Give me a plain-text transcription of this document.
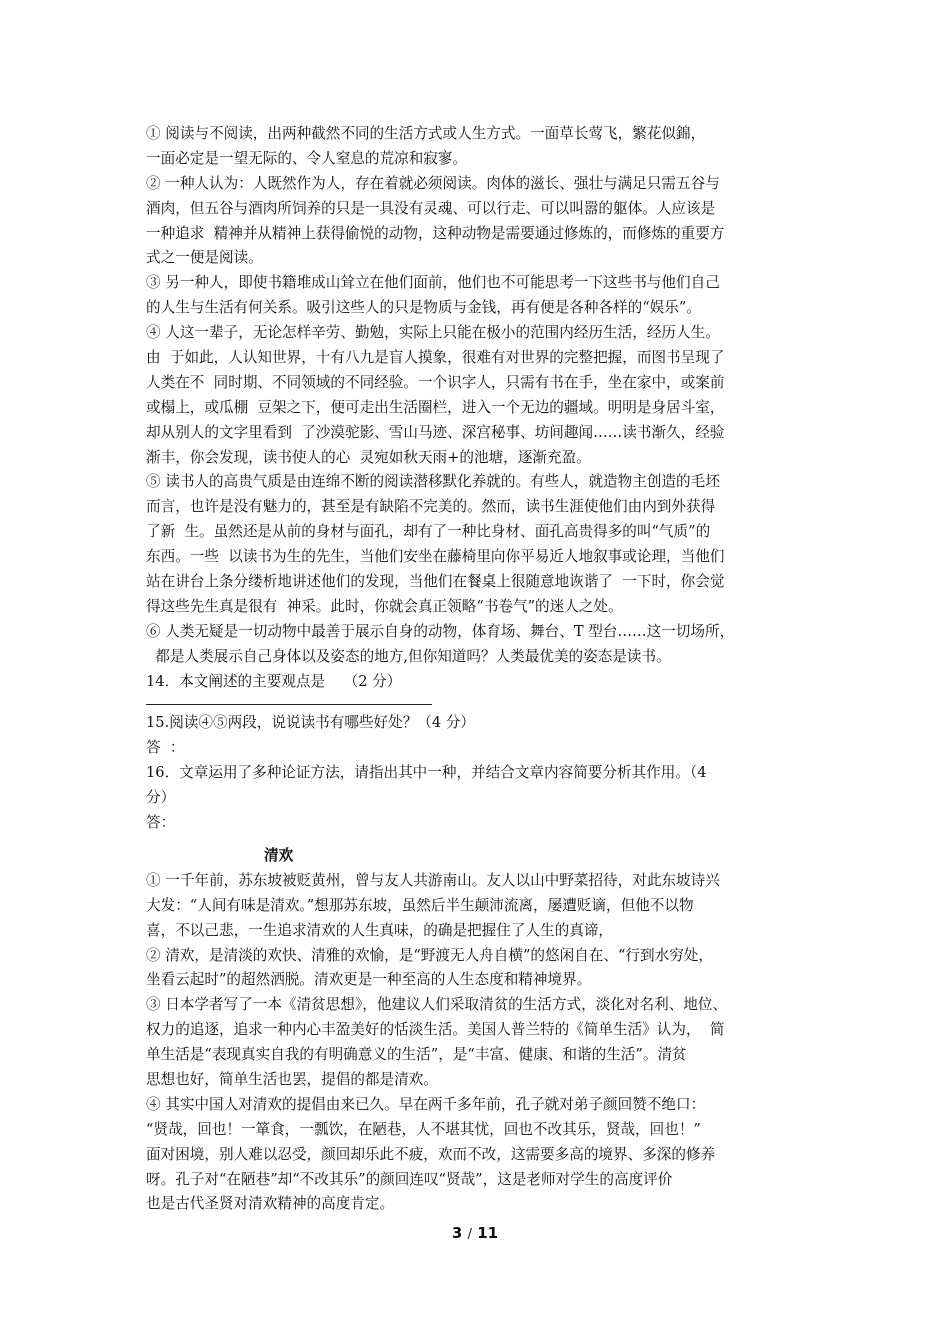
① 阅读与不阅读，出两种截然不同的生活方式或人生方式。一面草长莺飞，繁花似錦，
一面必定是一望无际的、令人窒息的荒凉和寂寥。
② 一种人认为：人既然作为人，存在着就必须阅读。肉体的滋长、强壮与满足只需五谷与
酒肉，但五谷与酒肉所饲养的只是一具没有灵魂、可以行走、可以叫嚣的躯体。人应该是
一种追求  精神并从精神上获得偷悦的动物，这种动物是需要通过修炼的，而修炼的重要方
式之一便是阅读。
③ 另一种人，即使书籍堆成山耸立在他们面前，他们也不可能思考一下这些书与他们自己
的人生与生活有何关系。吸引这些人的只是物质与金钱，再有便是各种各样的“娱乐”。
④ 人这一辈子，无论怎样辛劳、勤勉，实际上只能在极小的范围内经历生活，经历人生。
由  于如此，人认知世界，十有八九是盲人摸象，很难有对世界的完整把握，而图书呈现了
人类在不  同时期、不同领域的不同经验。一个识字人，只需有书在手，坐在家中，或案前
或榻上，或瓜棚  豆架之下，便可走出生活圈栏，进入一个无边的疆域。明明是身居斗室，
却从别人的文字里看到  了沙漠驼影、雪山马迹、深宫秘事、坊间趣闻……读书渐久，经验
渐丰，你会发现，读书使人的心  灵宛如秋天雨+的池塘，逐渐充盈。
⑤ 读书人的高贵气质是由连绵不断的阅读潜移默化养就的。有些人，就造物主创造的毛坯
而言，也许是没有魅力的，甚至是有缺陷不完美的。然而，读书生涯使他们由内到外获得
了新  生。虽然还是从前的身材与面孔，却有了一种比身材、面孔高贵得多的叫“气质”的
东西。一些  以读书为生的先生，当他们安坐在藤椅里向你平易近人地叙事或论理，当他们
站在讲台上条分缕析地讲述他们的发现，当他们在餐桌上很随意地诙谐了  一下时，你会觉
得这些先生真是很有  神采。此时，你就会真正领略“书卷气”的迷人之处。
⑥ 人类无疑是一切动物中最善于展示自身的动物，体育场、舞台、T 型台……这一切场所，
都是人类展示自己身体以及姿态的地方,但你知道吗？人类最优美的姿态是读书。
14．本文阐述的主要观点是    （2 分）
15.阅读④⑤两段，说说读书有哪些好处？（4 分）
答  ：
16．文章运用了多种论证方法，请指出其中一种，并结合文章内容简要分析其作用。（4
分）
答：
清欢
① 一千年前，苏东坡被贬黄州，曾与友人共游南山。友人以山中野菜招待，对此东坡诗兴
大发：“人间有味是清欢。”想那苏东坡，虽然后半生颠沛流离，屡遭贬谪，但他不以物
喜，不以己悲，一生追求清欢的人生真味，的确是把握住了人生的真谛，
② 清欢，是清淡的欢快、清雅的欢愉，是“野渡无人舟自横”的悠闲自在、“行到水穷处，
坐看云起时”的超然洒脱。清欢更是一种至高的人生态度和精神境界。
③ 日本学者写了一本《清贫思想》，他建议人们采取清贫的生活方式，淡化对名利、地位、
权力的追逐，追求一种内心丰盈美好的恬淡生活。美国人普兰特的《简单生活》认为，  简
单生活是“表现真实自我的有明确意义的生活”，是“丰富、健康、和谐的生活”。清贫
思想也好，简单生活也罢，提倡的都是清欢。
④ 其实中国人对清欢的提倡由来已久。早在两千多年前，孔子就对弟子颜回赞不绝口：
“贤哉，回也！一箪食，一瓢饮，在陋巷，人不堪其忧，回也不改其乐，贤哉，回也！”
面对困境，别人难以忍受，颜回却乐此不疲，欢而不改，这需要多高的境界、多深的修养
呀。孔子对“在陋巷”却“不改其乐”的颜回连叹“贤哉”，这是老师对学生的高度评价
也是古代圣贤对清欢精神的高度肯定。
3 / 11
